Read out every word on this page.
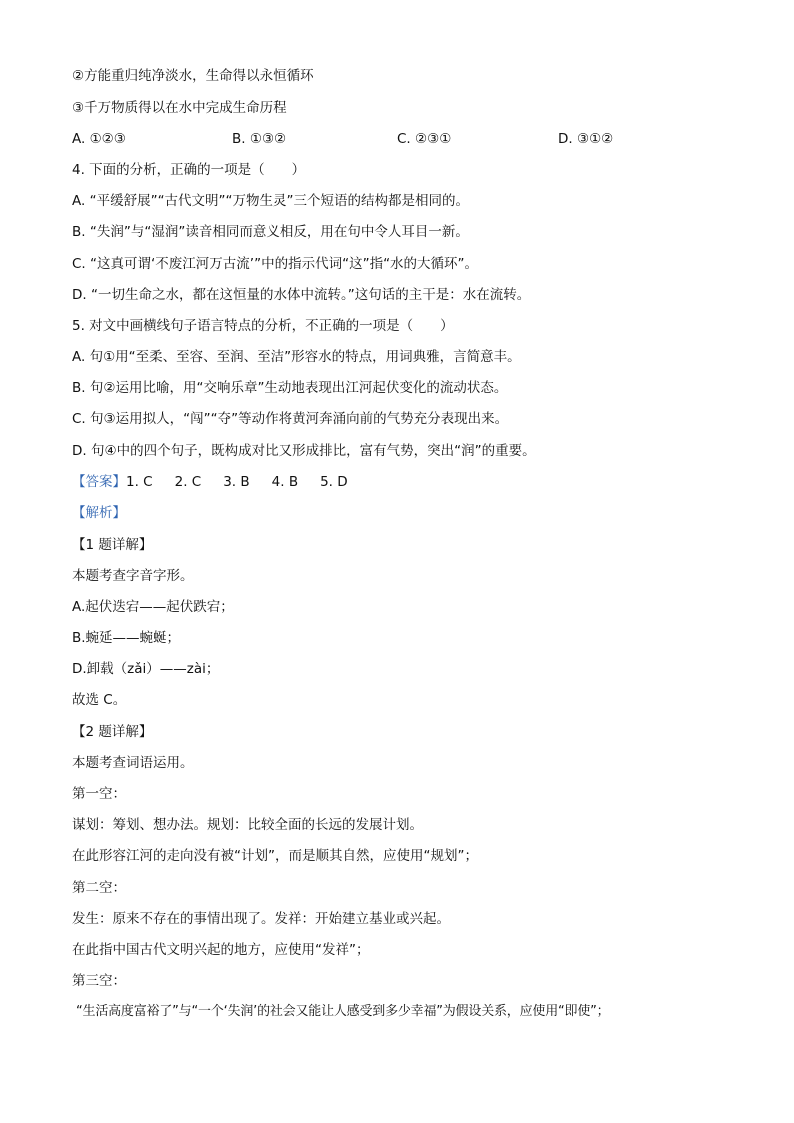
②方能重归纯净淡水，生命得以永恒循环
③千万物质得以在水中完成生命历程
A. ①②③	B. ①③②	C. ②③①	D. ③①②
4. 下面的分析，正确的一项是（　　）
A. “平缓舒展”“古代文明”“万物生灵”三个短语的结构都是相同的。
B. “失润”与“湿润”读音相同而意义相反，用在句中令人耳目一新。
C. “这真可谓‘不废江河万古流’”中的指示代词“这”指“水的大循环”。
D. “一切生命之水，都在这恒量的水体中流转。”这句话的主干是：水在流转。
5. 对文中画横线句子语言特点的分析，不正确的一项是（　　）
A. 句①用“至柔、至容、至润、至洁”形容水的特点，用词典雅，言简意丰。
B. 句②运用比喻，用“交响乐章”生动地表现出江河起伏变化的流动状态。
C. 句③运用拟人，“闯”“夺”等动作将黄河奔涌向前的气势充分表现出来。
D. 句④中的四个句子，既构成对比又形成排比，富有气势，突出“润”的重要。
【答案】1. C 2. C 3. B 4. B 5. D
【解析】
【1 题详解】
本题考查字音字形。
A.起伏迭宕——起伏跌宕；
B.蜿延——蜿蜒；
D.卸载（zǎi）——zài；
故选 C。
【2 题详解】
本题考查词语运用。
第一空：
谋划：筹划、想办法。规划：比较全面的长远的发展计划。
在此形容江河的走向没有被“计划”，而是顺其自然，应使用“规划”；
第二空：
发生：原来不存在的事情出现了。发祥：开始建立基业或兴起。
在此指中国古代文明兴起的地方，应使用“发祥”；
第三空：
“生活高度富裕了”与“一个‘失润’的社会又能让人感受到多少幸福”为假设关系，应使用“即使”；
